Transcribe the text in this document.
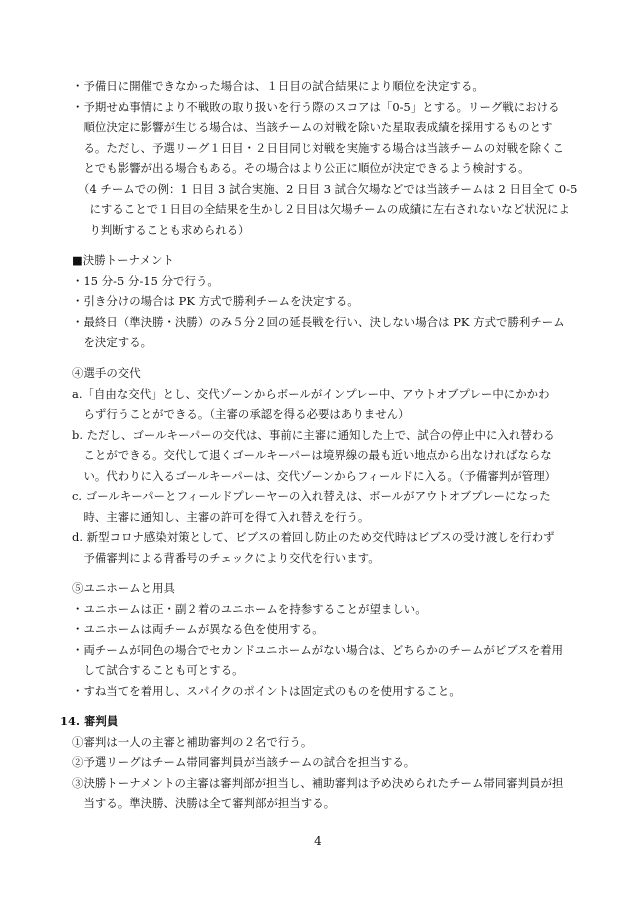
・予備日に開催できなかった場合は、１日目の試合結果により順位を決定する。
・予期せぬ事情により不戦敗の取り扱いを行う際のスコアは「0-5」とする。リーグ戦における
　順位決定に影響が生じる場合は、当該チームの対戦を除いた星取表成績を採用するものとす
　る。ただし、予選リーグ１日目・２日目同じ対戦を実施する場合は当該チームの対戦を除くこ
　とでも影響が出る場合もある。その場合はより公正に順位が決定できるよう検討する。
（4 チームでの例：1 日目 3 試合実施、2 日目 3 試合欠場などでは当該チームは 2 日目全て 0-5
　にすることで１日目の全結果を生かし２日目は欠場チームの成績に左右されないなど状況によ
　り判断することも求められる）
■決勝トーナメント
・15 分-5 分-15 分で行う。
・引き分けの場合は PK 方式で勝利チームを決定する。
・最終日（準決勝・決勝）のみ５分２回の延長戦を行い、決しない場合は PK 方式で勝利チーム
　を決定する。
④選手の交代
a.「自由な交代」とし、交代ゾーンからボールがインプレー中、アウトオブプレー中にかかわ
　らず行うことができる。（主審の承認を得る必要はありません）
b. ただし、ゴールキーパーの交代は、事前に主審に通知した上で、試合の停止中に入れ替わる
　ことができる。交代して退くゴールキーパーは境界線の最も近い地点から出なければならな
　い。代わりに入るゴールキーパーは、交代ゾーンからフィールドに入る。（予備審判が管理）
c. ゴールキーパーとフィールドプレーヤーの入れ替えは、ボールがアウトオブプレーになった
　時、主審に通知し、主審の許可を得て入れ替えを行う。
d. 新型コロナ感染対策として、ビブスの着回し防止のため交代時はビブスの受け渡しを行わず
　予備審判による背番号のチェックにより交代を行います。
⑤ユニホームと用具
・ユニホームは正・副２着のユニホームを持参することが望ましい。
・ユニホームは両チームが異なる色を使用する。
・両チームが同色の場合でセカンドユニホームがない場合は、どちらかのチームがビブスを着用
　して試合することも可とする。
・すね当てを着用し、スパイクのポイントは固定式のものを使用すること。
14. 審判員
①審判は一人の主審と補助審判の２名で行う。
②予選リーグはチーム帯同審判員が当該チームの試合を担当する。
③決勝トーナメントの主審は審判部が担当し、補助審判は予め決められたチーム帯同審判員が担
　当する。準決勝、決勝は全て審判部が担当する。
4
